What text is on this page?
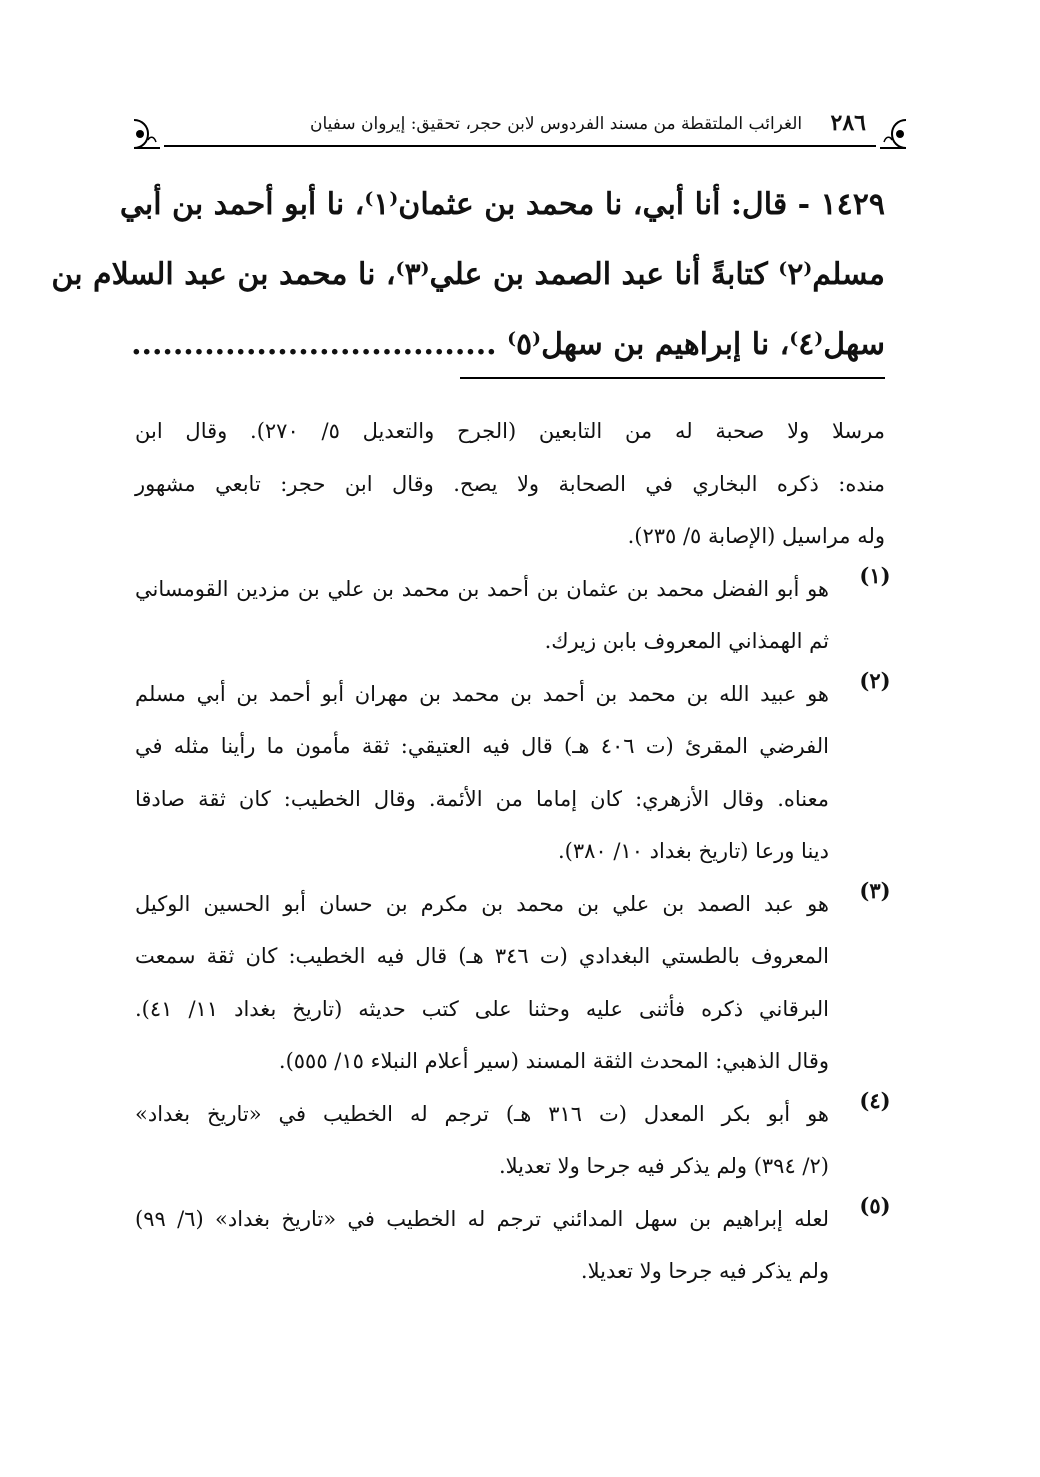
٢٨٦
الغرائب الملتقطة من مسند الفردوس لابن حجر، تحقيق: إيروان سفيان
١٤٢٩ - قال: أنا أبي، نا محمد بن عثمان⁽١⁾، نا أبو أحمد بن أبي
مسلم⁽٢⁾ كتابةً أنا عبد الصمد بن علي⁽٣⁾، نا محمد بن عبد السلام بن
سهل⁽٤⁾، نا إبراهيم بن سهل⁽٥⁾ ...................................
مرسلا ولا صحبة له من التابعين (الجرح والتعديل ٥/ ٢٧٠). وقال ابن
منده: ذكره البخاري في الصحابة ولا يصح. وقال ابن حجر: تابعي مشهور
وله مراسيل (الإصابة ٥/ ٢٣٥).
(١)
هو أبو الفضل محمد بن عثمان بن أحمد بن محمد بن علي بن مزدين القومساني
ثم الهمذاني المعروف بابن زيرك.
(٢)
هو عبيد الله بن محمد بن أحمد بن محمد بن مهران أبو أحمد بن أبي مسلم
الفرضي المقرئ (ت ٤٠٦ هـ) قال فيه العتيقي: ثقة مأمون ما رأينا مثله في
معناه. وقال الأزهري: كان إماما من الأئمة. وقال الخطيب: كان ثقة صادقا
دينا ورعا (تاريخ بغداد ١٠/ ٣٨٠).
(٣)
هو عبد الصمد بن علي بن محمد بن مكرم بن حسان أبو الحسين الوكيل
المعروف بالطستي البغدادي (ت ٣٤٦ هـ) قال فيه الخطيب: كان ثقة سمعت
البرقاني ذكره فأثنى عليه وحثنا على كتب حديثه (تاريخ بغداد ١١/ ٤١).
وقال الذهبي: المحدث الثقة المسند (سير أعلام النبلاء ١٥/ ٥٥٥).
(٤)
هو أبو بكر المعدل (ت ٣١٦ هـ) ترجم له الخطيب في «تاريخ بغداد»
(٢/ ٣٩٤) ولم يذكر فيه جرحا ولا تعديلا.
(٥)
لعله إبراهيم بن سهل المدائني ترجم له الخطيب في «تاريخ بغداد» (٦/ ٩٩)
ولم يذكر فيه جرحا ولا تعديلا.
